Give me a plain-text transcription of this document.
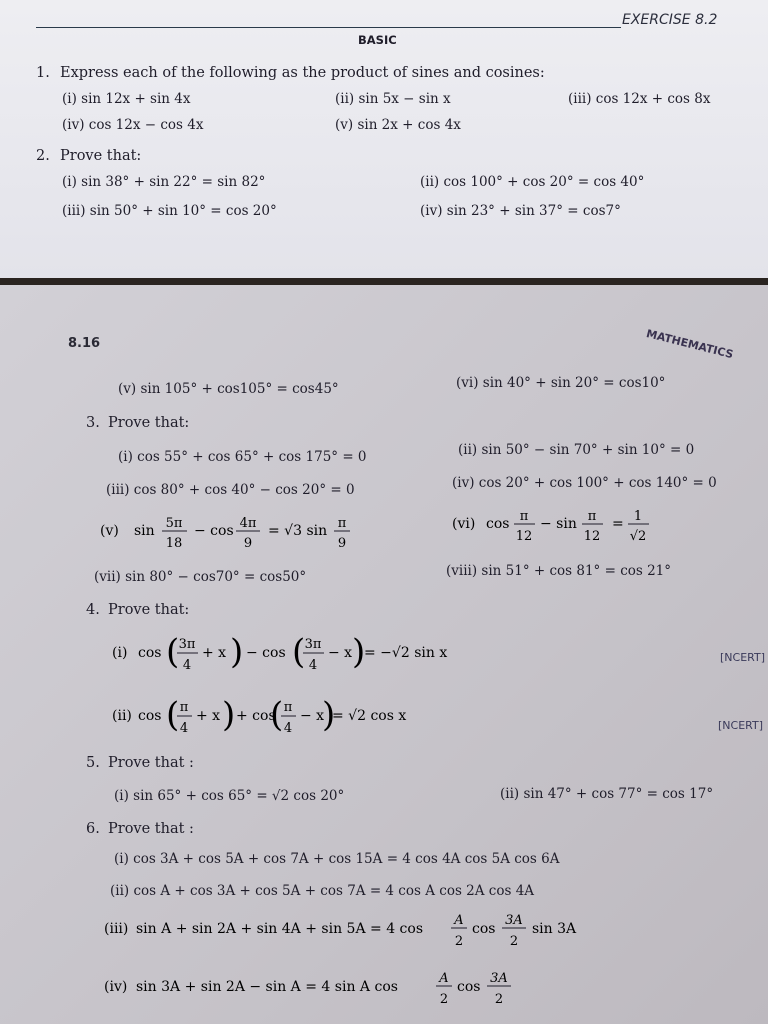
EXERCISE 8.2
BASIC
1. Express each of the following as the product of sines and cosines:
(i) sin 12x + sin 4x	(ii) sin 5x − sin x	(iii) cos 12x + cos 8x
(iv) cos 12x − cos 4x	(v) sin 2x + cos 4x
2. Prove that:
(i) sin 38° + sin 22° = sin 82°	(ii) cos 100° + cos 20° = cos 40°
(iii) sin 50° + sin 10° = cos 20°	(iv) sin 23° + sin 37° = cos7°
8.16	MATHEMATICS
(v) sin 105° + cos105° = cos45°	(vi) sin 40° + sin 20° = cos10°
3. Prove that:
(i) cos 55° + cos 65° + cos 175° = 0	(ii) sin 50° − sin 70° + sin 10° = 0
(iii) cos 80° + cos 40° − cos 20° = 0	(iv) cos 20° + cos 100° + cos 140° = 0
(v) sin 5π
18
− cos 4π
9
= √3 sin π
9
(vi) cos π
12
− sin π
12
= 1
√2
(vii) sin 80° − cos70° = cos50°	(viii) sin 51° + cos 81° = cos 21°
4. Prove that:
(i) cos ( 3π
4
+ x ) − cos ( 3π
4
− x )
= −√2 sin x	[NCERT]
(ii) cos ( π
4
+ x ) + cos
( π
4
− x
)
= √2 cos x
[NCERT]
5. Prove that :
(i) sin 65° + cos 65° = √2 cos 20°	(ii) sin 47° + cos 77° = cos 17°
6. Prove that :
(i) cos 3A + cos 5A + cos 7A + cos 15A = 4 cos 4A cos 5A cos 6A
(ii) cos A + cos 3A + cos 5A + cos 7A = 4 cos A cos 2A cos 4A
(iii) sin A + sin 2A + sin 4A + sin 5A = 4 cos
A
2
cos
3A
2
sin 3A
(iv) sin 3A + sin 2A − sin A = 4 sin A cos
A
2
cos
3A
2
